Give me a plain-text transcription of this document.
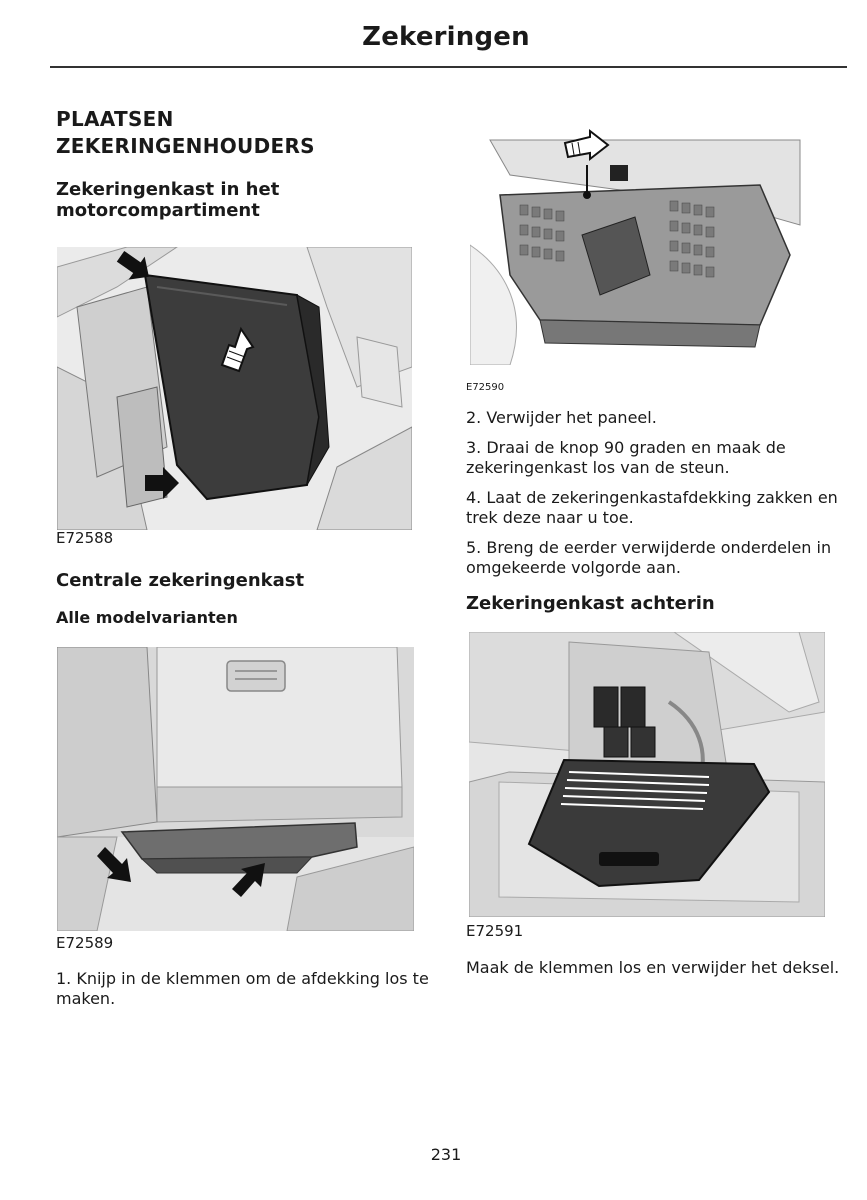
Zekeringen
PLAATSEN ZEKERINGENHOUDERS
Zekeringenkast in het motorcompartiment
E72588
Centrale zekeringenkast
Alle modelvarianten
E72589

1. Knijp in de klemmen om de afdekking los te maken.

E72590

2. Verwijder het paneel.

3. Draai de knop 90 graden en maak de zekeringenkast los van de steun.

4. Laat de zekeringenkastafdekking zakken en trek deze naar u toe.

5. Breng de eerder verwijderde onderdelen in omgekeerde volgorde aan.

Zekeringenkast achterin
E72591

Maak de klemmen los en verwijder het deksel.

231
